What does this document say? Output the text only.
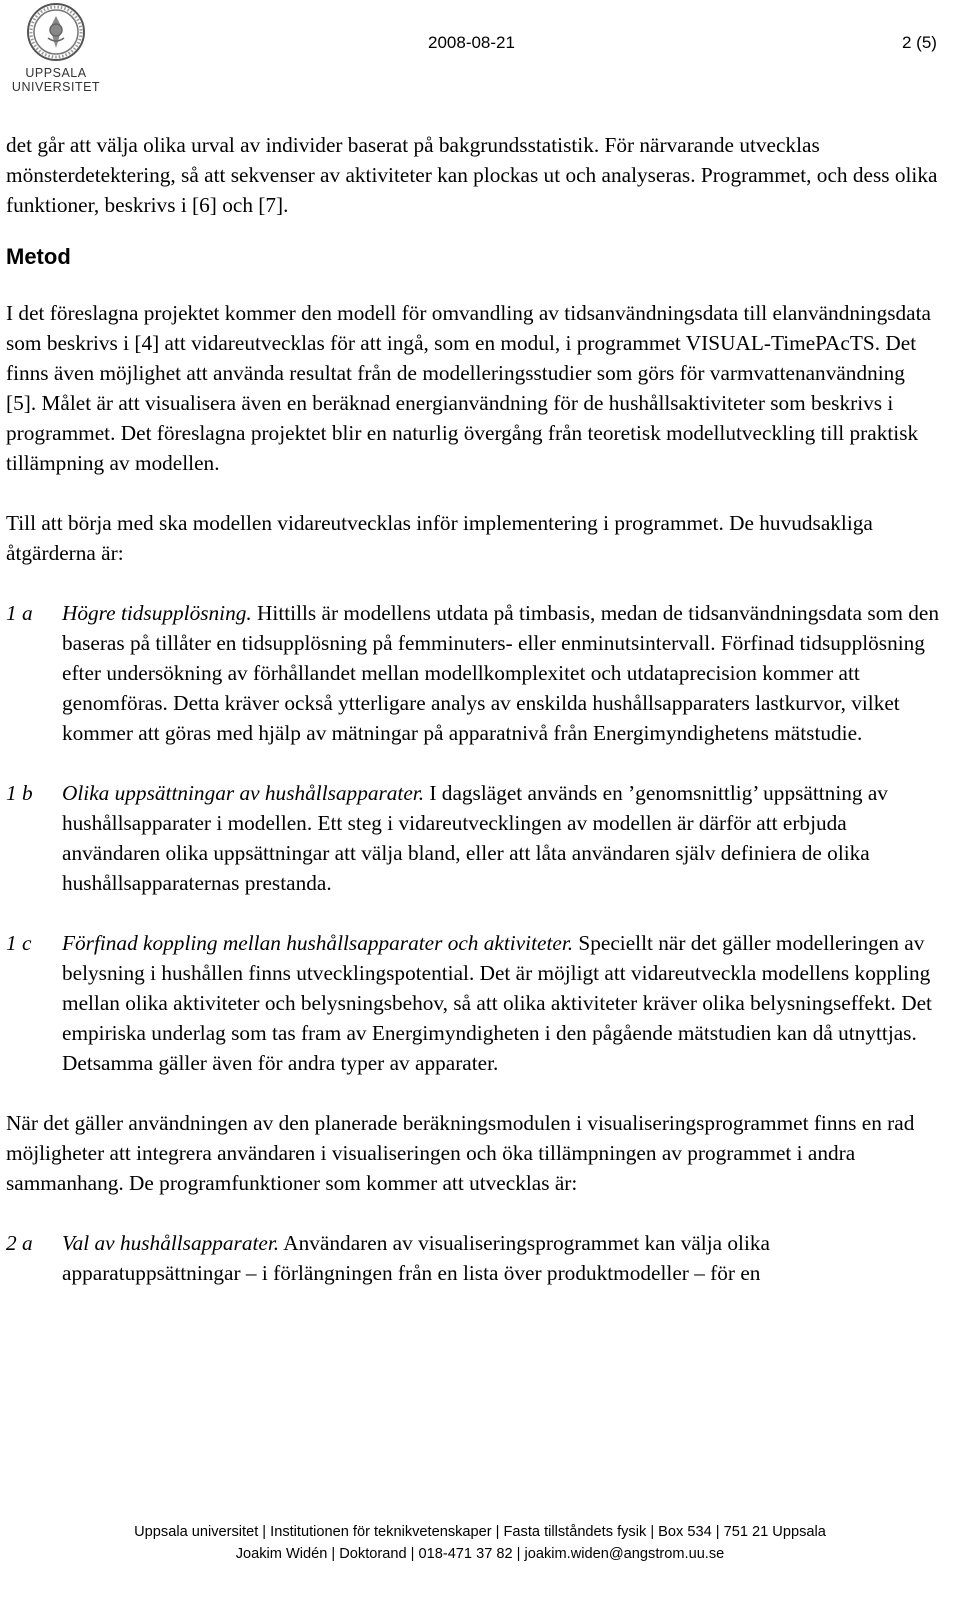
UPPSALA
UNIVERSITET
2008-08-21	2 (5)

det går att välja olika urval av individer baserat på bakgrundsstatistik. För närvarande utvecklas mönsterdetektering, så att sekvenser av aktiviteter kan plockas ut och analyseras. Programmet, och dess olika funktioner, beskrivs i [6] och [7].

Metod

I det föreslagna projektet kommer den modell för omvandling av tidsanvändningsdata till elanvändningsdata som beskrivs i [4] att vidareutvecklas för att ingå, som en modul, i programmet VISUAL-TimePAcTS. Det finns även möjlighet att använda resultat från de modelleringsstudier som görs för varmvattenanvändning [5]. Målet är att visualisera även en beräknad energianvändning för de hushållsaktiviteter som beskrivs i programmet. Det föreslagna projektet blir en naturlig övergång från teoretisk modellutveckling till praktisk tillämpning av modellen.

Till att börja med ska modellen vidareutvecklas inför implementering i programmet. De huvudsakliga åtgärderna är:

1 a	Högre tidsupplösning. Hittills är modellens utdata på timbasis, medan de tidsanvändningsdata som den baseras på tillåter en tidsupplösning på femminuters- eller enminutsintervall. Förfinad tidsupplösning efter undersökning av förhållandet mellan modellkomplexitet och utdataprecision kommer att genomföras. Detta kräver också ytterligare analys av enskilda hushållsapparaters lastkurvor, vilket kommer att göras med hjälp av mätningar på apparatnivå från Energimyndighetens mätstudie.

1 b	Olika uppsättningar av hushållsapparater. I dagsläget används en ’genomsnittlig’ uppsättning av hushållsapparater i modellen. Ett steg i vidareutvecklingen av modellen är därför att erbjuda användaren olika uppsättningar att välja bland, eller att låta användaren själv definiera de olika hushållsapparaternas prestanda.

1 c	Förfinad koppling mellan hushållsapparater och aktiviteter. Speciellt när det gäller modelleringen av belysning i hushållen finns utvecklingspotential. Det är möjligt att vidareutveckla modellens koppling mellan olika aktiviteter och belysningsbehov, så att olika aktiviteter kräver olika belysningseffekt. Det empiriska underlag som tas fram av Energimyndigheten i den pågående mätstudien kan då utnyttjas. Detsamma gäller även för andra typer av apparater.

När det gäller användningen av den planerade beräkningsmodulen i visualiseringsprogrammet finns en rad möjligheter att integrera användaren i visualiseringen och öka tillämpningen av programmet i andra sammanhang. De programfunktioner som kommer att utvecklas är:

2 a	Val av hushållsapparater. Användaren av visualiseringsprogrammet kan välja olika apparatuppsättningar – i förlängningen från en lista över produktmodeller – för en

Uppsala universitet | Institutionen för teknikvetenskaper | Fasta tillståndets fysik | Box 534 | 751 21 Uppsala
Joakim Widén | Doktorand | 018-471 37 82 | joakim.widen@angstrom.uu.se
